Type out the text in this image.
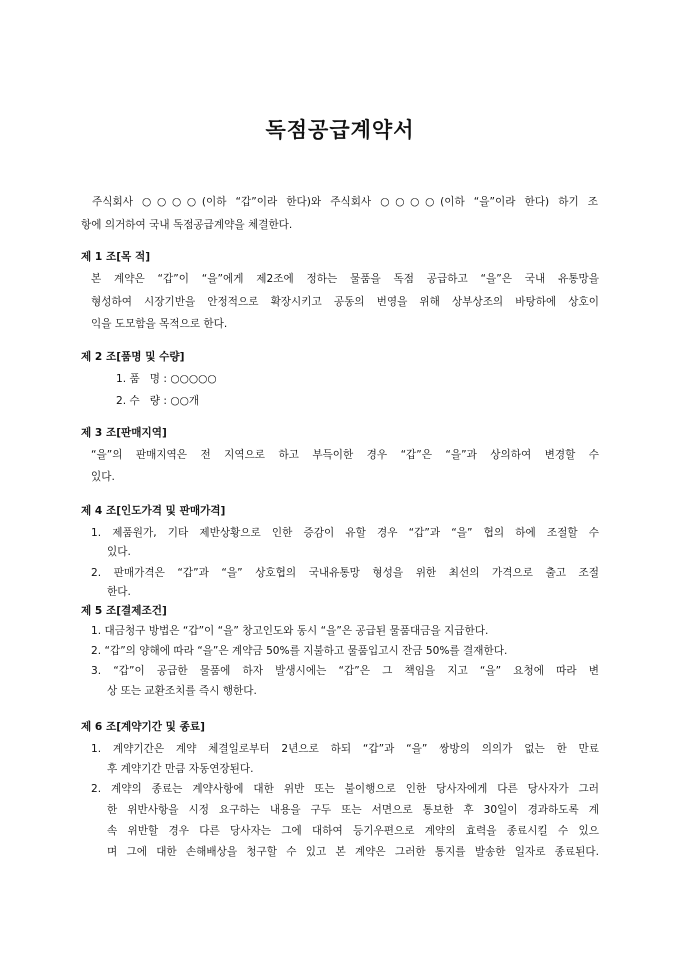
독점공급계약서
주식회사 ○○○○(이하 “갑”이라 한다)와 주식회사 ○○○○(이하 “을”이라 한다) 하기 조
항에 의거하여 국내 독점공급계약을 체결한다.
제 1 조[목 적]
본 계약은 “갑”이 “을”에게 제2조에 정하는 물품을 독점 공급하고 “을”은 국내 유통망을
형성하여 시장기반을 안정적으로 확장시키고 공동의 번영을 위해 상부상조의 바탕하에 상호이
익을 도모함을 목적으로 한다.
제 2 조[품명 및 수량]
1. 품   명 : ○○○○○
2. 수   량 : ○○개
제 3 조[판매지역]
“을”의 판매지역은 전 지역으로 하고 부득이한 경우 “갑”은 “을”과 상의하여 변경할 수
있다.
제 4 조[인도가격 및 판매가격]
1. 제품원가, 기타 제반상황으로 인한 증감이 유할 경우 “갑”과 “을” 협의 하에 조절할 수
있다.
2. 판매가격은 “갑”과 “을” 상호협의 국내유통망 형성을 위한 최선의 가격으로 출고 조절
한다.
제 5 조[결제조건]
1. 대금청구 방법은 “갑”이 “을” 창고인도와 동시 “을”은 공급된 물품대금을 지급한다.
2. “갑”의 양해에 따라 “을”은 계약금 50%를 지불하고 물품입고시 잔금 50%를 결재한다.
3. “갑”이 공급한 물품에 하자 발생시에는 “갑”은 그 책임을 지고 “을” 요청에 따라 변
상 또는 교환조치를 즉시 행한다.
제 6 조[계약기간 및 종료]
1. 계약기간은 계약 체결일로부터 2년으로 하되 “갑”과 “을” 쌍방의 의의가 없는 한 만료
후 계약기간 만큼 자동연장된다.
2. 계약의 종료는 계약사항에 대한 위반 또는 불이행으로 인한 당사자에게 다른 당사자가 그러
한 위반사항을 시정 요구하는 내용을 구두 또는 서면으로 통보한 후 30일이 경과하도록 계
속 위반할 경우 다른 당사자는 그에 대하여 등기우편으로 계약의 효력을 종료시킬 수 있으
며 그에 대한 손해배상을 청구할 수 있고 본 계약은 그러한 통지를 발송한 일자로 종료된다.
